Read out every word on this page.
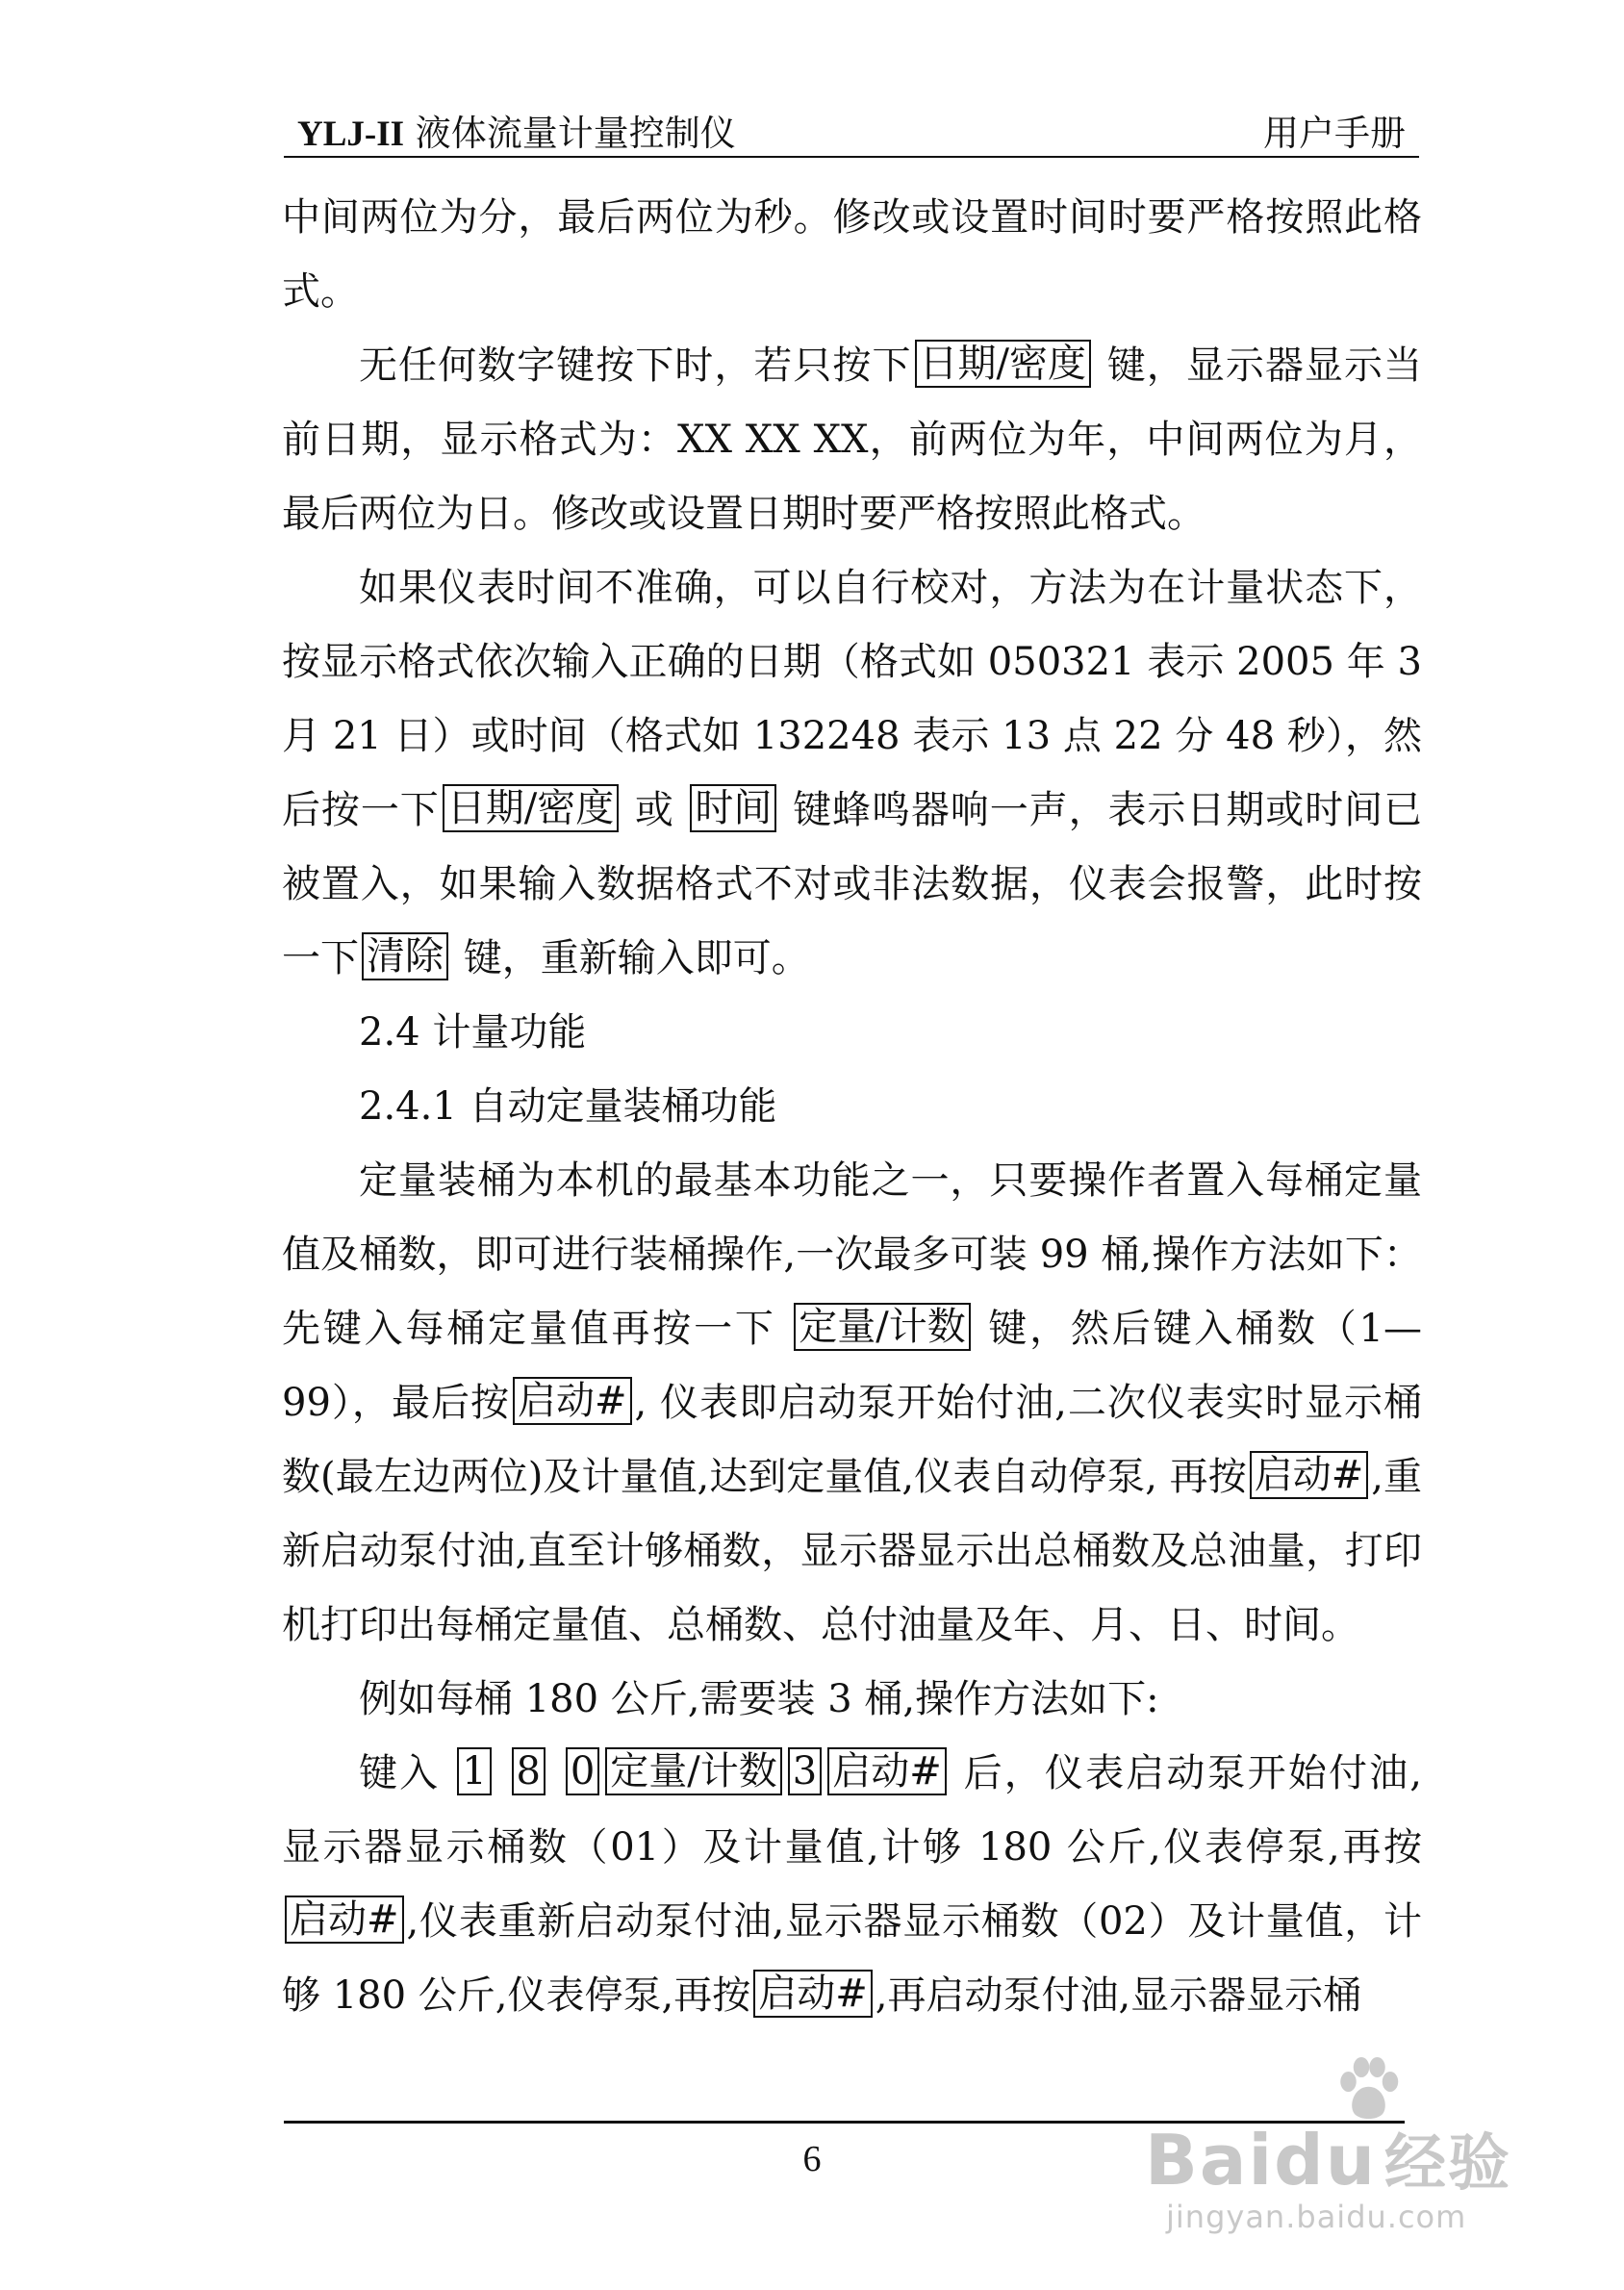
YLJ-II 液体流量计量控制仪	用户手册

中间两位为分，最后两位为秒。修改或设置时间时要严格按照此格式。

无任何数字键按下时，若只按下 日期/密度 键，显示器显示当前日期，显示格式为：XX XX XX，前两位为年，中间两位为月，最后两位为日。修改或设置日期时要严格按照此格式。

如果仪表时间不准确，可以自行校对，方法为在计量状态下，按显示格式依次输入正确的日期（格式如 050321 表示 2005 年 3 月 21 日）或时间（格式如 132248 表示 13 点 22 分 48 秒），然后按一下 日期/密度 或 时间 键蜂鸣器响一声，表示日期或时间已被置入，如果输入数据格式不对或非法数据，仪表会报警，此时按一下 清除 键，重新输入即可。

2.4 计量功能

2.4.1 自动定量装桶功能

定量装桶为本机的最基本功能之一，只要操作者置入每桶定量值及桶数，即可进行装桶操作,一次最多可装 99 桶,操作方法如下：先键入每桶定量值再按一下 定量/计数 键，然后键入桶数（1—99），最后按 启动# , 仪表即启动泵开始付油,二次仪表实时显示桶数(最左边两位)及计量值,达到定量值,仪表自动停泵, 再按 启动# ,重新启动泵付油,直至计够桶数，显示器显示出总桶数及总油量，打印机打印出每桶定量值、总桶数、总付油量及年、月、日、时间。

例如每桶 180 公斤,需要装 3 桶,操作方法如下:

键入 1 8 0 定量/计数 3 启动# 后，仪表启动泵开始付油,显示器显示桶数（01）及计量值,计够 180 公斤,仪表停泵,再按启动# ,仪表重新启动泵付油,显示器显示桶数（02）及计量值，计够 180 公斤,仪表停泵,再按 启动# ,再启动泵付油,显示器显示桶

6	Baidu 经验
jingyan.baidu.com
